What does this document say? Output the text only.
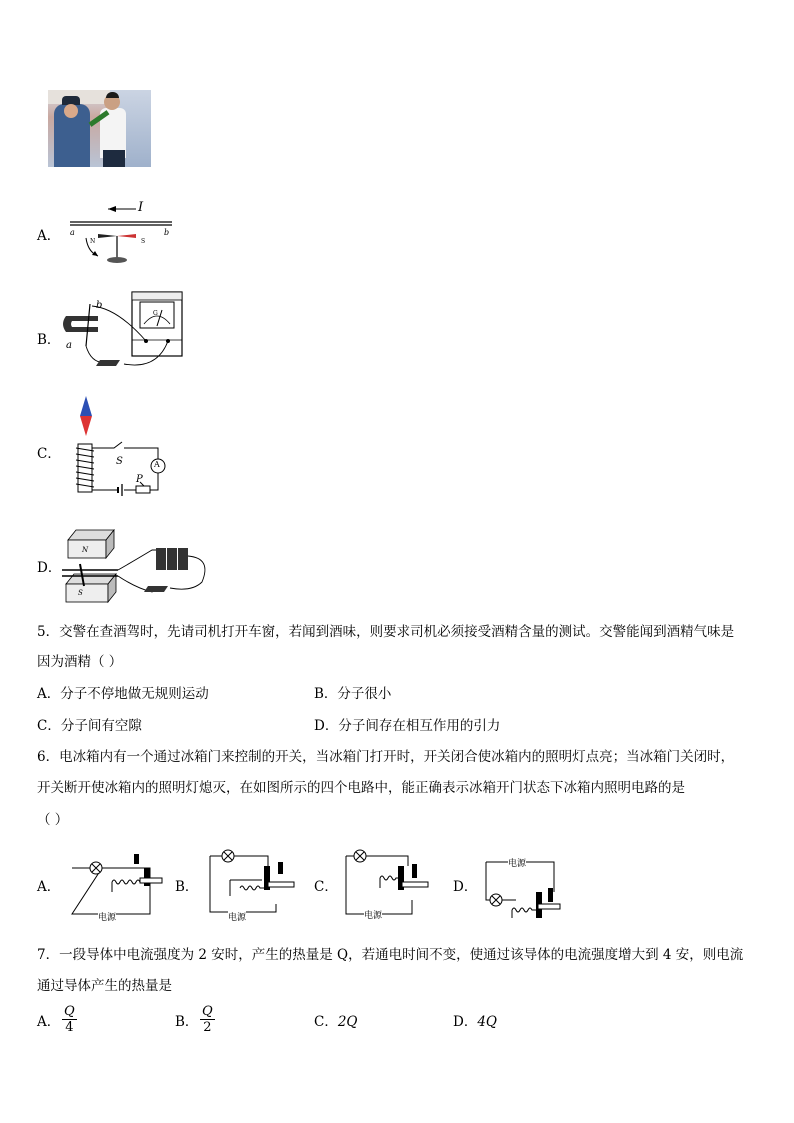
A．
I
a	b
N	S
B．
b
a
G
C．	S	A
P
D．
N
S
5．交警在查酒驾时，先请司机打开车窗，若闻到酒味，则要求司机必须接受酒精含量的测试。交警能闻到酒精气味是
因为酒精（ ）
A．分子不停地做无规则运动	B．分子很小
C．分子间有空隙	D．分子间存在相互作用的引力
6．电冰箱内有一个通过冰箱门来控制的开关，当冰箱门打开时，开关闭合使冰箱内的照明灯点亮；当冰箱门关闭时，
开关断开使冰箱内的照明灯熄灭，在如图所示的四个电路中，能正确表示冰箱开门状态下冰箱内照明电路的是
（ ）
A．
电源
B．
电源
C．
电源
D．
电源
7．一段导体中电流强度为 2 安时，产生的热量是 Q，若通电时间不变，使通过该导体的电流强度增大到 4 安，则电流
通过导体产生的热量是
A． $\frac{Q}{4}$	B． $\frac{Q}{2}$	C．2Q	D．4Q
